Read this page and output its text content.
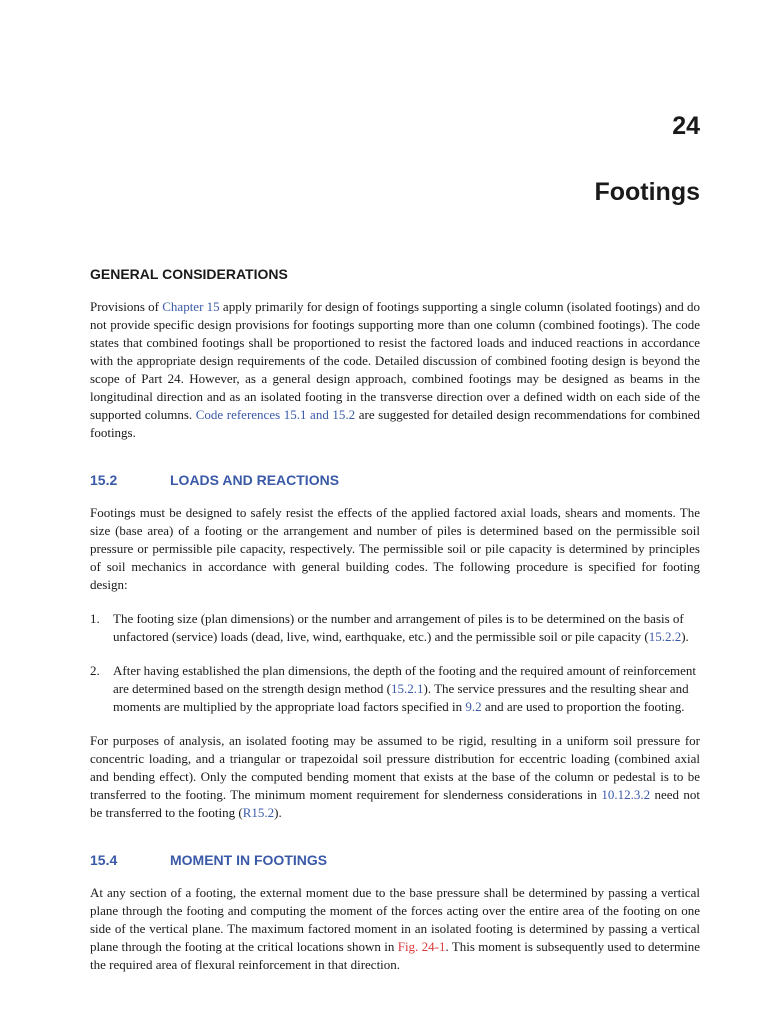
24
Footings
GENERAL CONSIDERATIONS

Provisions of Chapter 15 apply primarily for design of footings supporting a single column (isolated footings) and do not provide specific design provisions for footings supporting more than one column (combined footings). The code states that combined footings shall be proportioned to resist the factored loads and induced reactions in accordance with the appropriate design requirements of the code. Detailed discussion of combined footing design is beyond the scope of Part 24. However, as a general design approach, combined footings may be designed as beams in the longitudinal direction and as an isolated footing in the transverse direction over a defined width on each side of the supported columns. Code references 15.1 and 15.2 are suggested for detailed design recommendations for combined footings.

15.2	LOADS AND REACTIONS

Footings must be designed to safely resist the effects of the applied factored axial loads, shears and moments. The size (base area) of a footing or the arrangement and number of piles is determined based on the permissible soil pressure or permissible pile capacity, respectively. The permissible soil or pile capacity is determined by principles of soil mechanics in accordance with general building codes. The following procedure is specified for footing design:

1. The footing size (plan dimensions) or the number and arrangement of piles is to be determined on the basis of unfactored (service) loads (dead, live, wind, earthquake, etc.) and the permissible soil or pile capacity (15.2.2).
2. After having established the plan dimensions, the depth of the footing and the required amount of reinforcement are determined based on the strength design method (15.2.1). The service pressures and the resulting shear and moments are multiplied by the appropriate load factors specified in 9.2 and are used to proportion the footing.

For purposes of analysis, an isolated footing may be assumed to be rigid, resulting in a uniform soil pressure for concentric loading, and a triangular or trapezoidal soil pressure distribution for eccentric loading (combined axial and bending effect). Only the computed bending moment that exists at the base of the column or pedestal is to be transferred to the footing. The minimum moment requirement for slenderness considerations in 10.12.3.2 need not be transferred to the footing (R15.2).

15.4	MOMENT IN FOOTINGS

At any section of a footing, the external moment due to the base pressure shall be determined by passing a vertical plane through the footing and computing the moment of the forces acting over the entire area of the footing on one side of the vertical plane. The maximum factored moment in an isolated footing is determined by passing a vertical plane through the footing at the critical locations shown in Fig. 24-1. This moment is subsequently used to determine the required area of flexural reinforcement in that direction.
